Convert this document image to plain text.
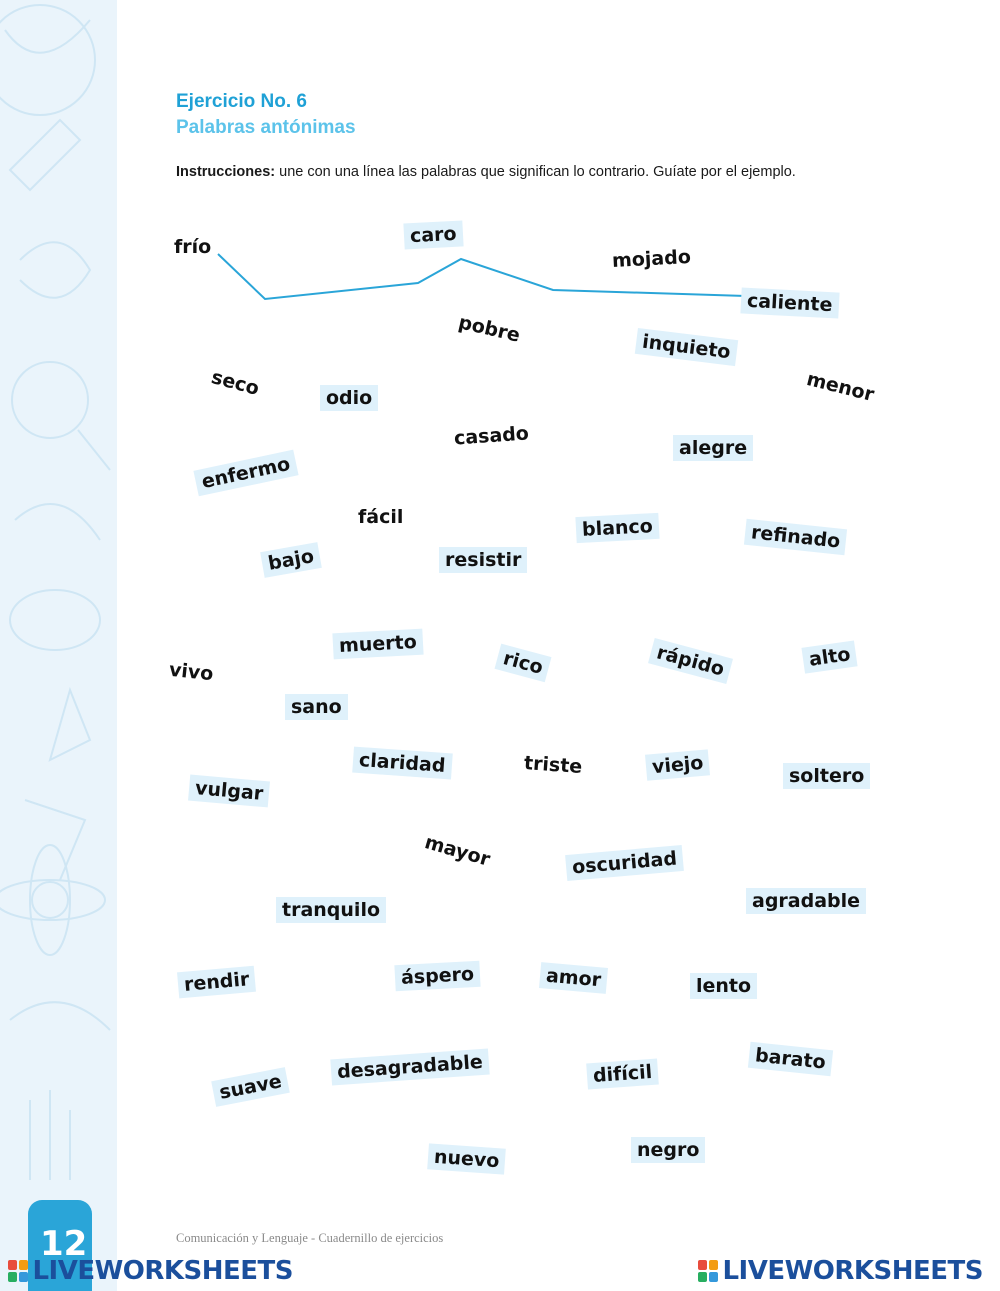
12
Ejercicio No. 6
Palabras antónimas
Instrucciones: une con una línea las palabras que significan lo contrario. Guíate por el ejemplo.
frío	caro
mojado
caliente
pobre
inquieto
seco	odio	menor
casado	alegre
enfermo
fácil	blanco	refinado
bajo	resistir
vivo
muerto
rico	rápido	alto
sano
claridad	triste	viejo	soltero
vulgar
mayor	oscuridad
tranquilo	agradable
rendir	áspero	amor	lento
barato
suave
desagradable	difícil
nuevo	negro
Comunicación y Lenguaje - Cuadernillo de ejercicios
LIVEWORKSHEETS	LIVEWORKSHEETS
